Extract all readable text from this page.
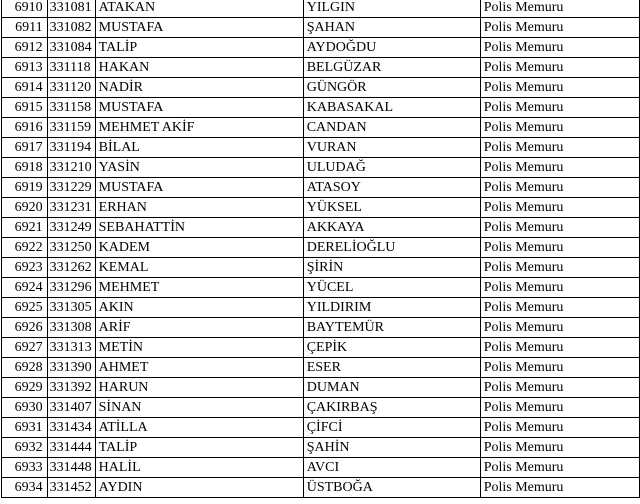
6910	331081	ATAKAN	YILGIN	Polis Memuru
6911	331082	MUSTAFA	ŞAHAN	Polis Memuru
6912	331084	TALİP	AYDOĞDU	Polis Memuru
6913	331118	HAKAN	BELGÜZAR	Polis Memuru
6914	331120	NADİR	GÜNGÖR	Polis Memuru
6915	331158	MUSTAFA	KABASAKAL	Polis Memuru
6916	331159	MEHMET AKİF	CANDAN	Polis Memuru
6917	331194	BİLAL	VURAN	Polis Memuru
6918	331210	YASİN	ULUDAĞ	Polis Memuru
6919	331229	MUSTAFA	ATASOY	Polis Memuru
6920	331231	ERHAN	YÜKSEL	Polis Memuru
6921	331249	SEBAHATTİN	AKKAYA	Polis Memuru
6922	331250	KADEM	DERELİOĞLU	Polis Memuru
6923	331262	KEMAL	ŞİRİN	Polis Memuru
6924	331296	MEHMET	YÜCEL	Polis Memuru
6925	331305	AKIN	YILDIRIM	Polis Memuru
6926	331308	ARİF	BAYTEMÜR	Polis Memuru
6927	331313	METİN	ÇEPİK	Polis Memuru
6928	331390	AHMET	ESER	Polis Memuru
6929	331392	HARUN	DUMAN	Polis Memuru
6930	331407	SİNAN	ÇAKIRBAŞ	Polis Memuru
6931	331434	ATİLLA	ÇİFCİ	Polis Memuru
6932	331444	TALİP	ŞAHİN	Polis Memuru
6933	331448	HALİL	AVCI	Polis Memuru
6934	331452	AYDIN	ÜSTBOĞA	Polis Memuru
